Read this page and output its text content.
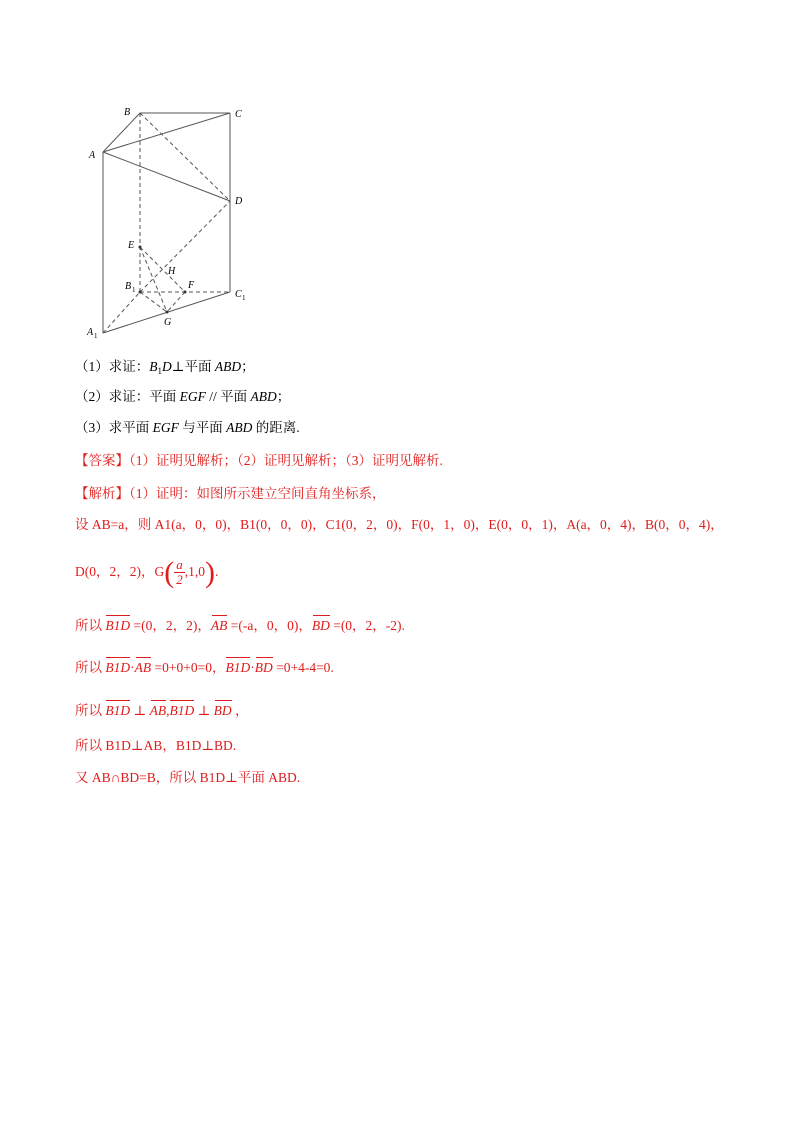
B	C
A
D
E
H
F
B 1	C 1
A 1
G
（1）求证：$B_1D\perp$平面 ABD；
（2）求证：平面 EGF // 平面 ABD；
（3）求平面 EGF 与平面 ABD 的距离.
【答案】（1）证明见解析；（2）证明见解析；（3）证明见解析.
【解析】（1）证明：如图所示建立空间直角坐标系，
设 AB=a，则 A1(a，0，0)，B1(0，0，0)，C1(0，2，0)，F(0，1，0)，E(0，0，1)，A(a，0，4)，B(0，0，4)，
D(0，2，2)，$G( \frac{a}{2} ,1,0)$.
所以 B1D =(0，2，2)，AB =(-a，0，0)，BD =(0，2，-2).
所以 B1D·AB =0+0+0=0，B1D·BD =0+4-4=0.
所以 B1D ⊥ AB,B1D ⊥ BD ，
所以 B1D⊥AB，B1D⊥BD.
又 AB∩BD=B，所以 B1D⊥平面 ABD.
